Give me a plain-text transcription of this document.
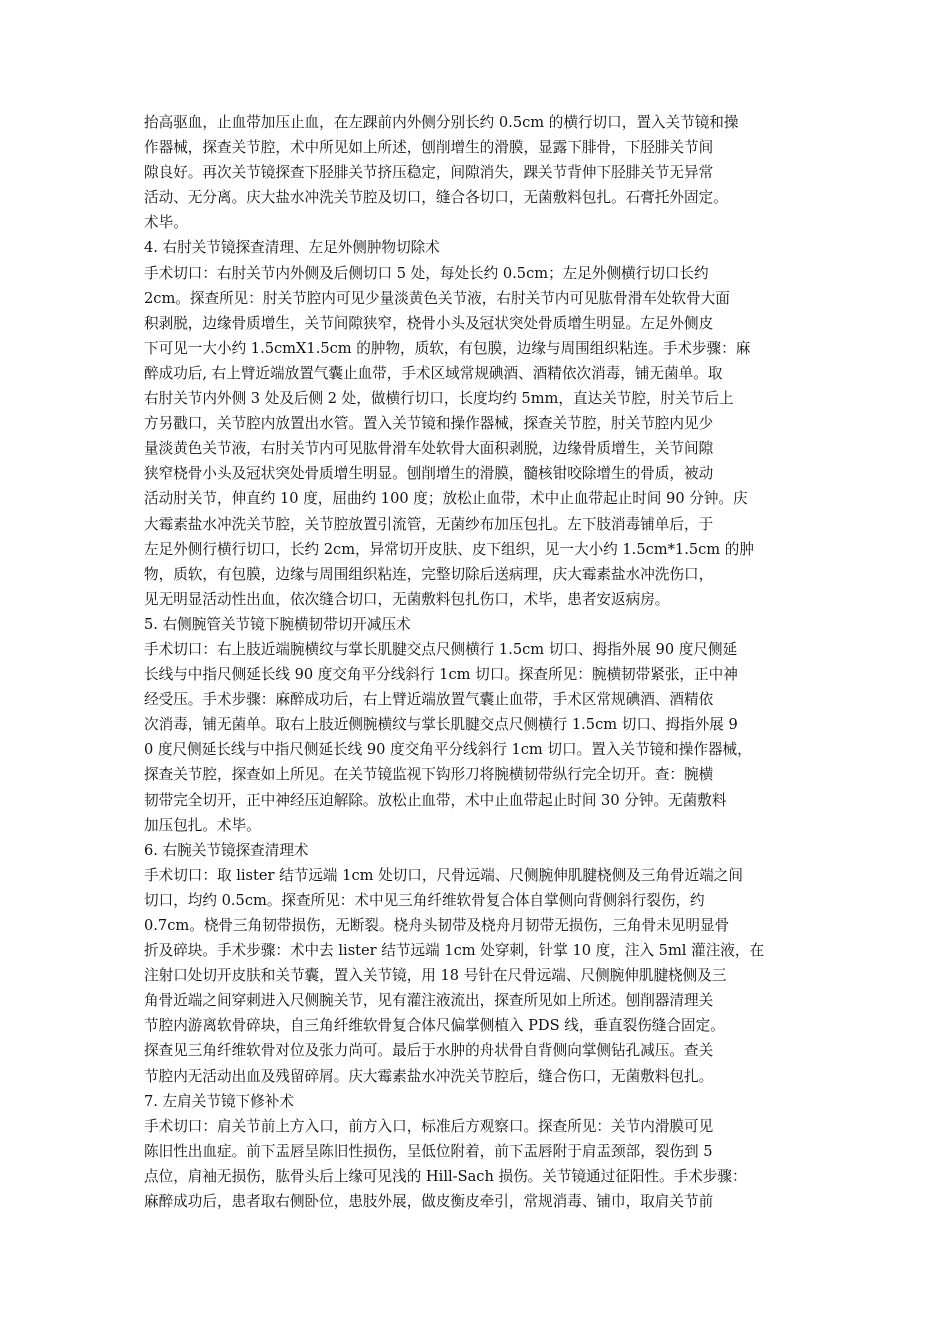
抬高驱血，止血带加压止血，在左踝前内外侧分别长约 0.5cm 的横行切口，置入关节镜和操
作器械，探查关节腔，术中所见如上所述，刨削增生的滑膜，显露下腓骨，下胫腓关节间
隙良好。再次关节镜探查下胫腓关节挤压稳定，间隙消失，踝关节背伸下胫腓关节无异常
活动、无分离。庆大盐水冲洗关节腔及切口，缝合各切口，无菌敷料包扎。石膏托外固定。
术毕。
4. 右肘关节镜探查清理、左足外侧肿物切除术
手术切口：右肘关节内外侧及后侧切口 5 处，每处长约 0.5cm；左足外侧横行切口长约
2cm。探查所见：肘关节腔内可见少量淡黄色关节液，右肘关节内可见肱骨滑车处软骨大面
积剥脱，边缘骨质增生，关节间隙狭窄，桡骨小头及冠状突处骨质增生明显。左足外侧皮
下可见一大小约 1.5cmX1.5cm 的肿物，质软，有包膜，边缘与周围组织粘连。手术步骤：麻
醉成功后, 右上臂近端放置气囊止血带，手术区域常规碘酒、酒精依次消毒，铺无菌单。取
右肘关节内外侧 3 处及后侧 2 处，做横行切口，长度均约 5mm，直达关节腔，肘关节后上
方另戳口，关节腔内放置出水管。置入关节镜和操作器械，探查关节腔，肘关节腔内见少
量淡黄色关节液，右肘关节内可见肱骨滑车处软骨大面积剥脱，边缘骨质增生，关节间隙
狭窄桡骨小头及冠状突处骨质增生明显。刨削增生的滑膜，髓核钳咬除增生的骨质，被动
活动肘关节，伸直约 10 度，屈曲约 100 度；放松止血带，术中止血带起止时间 90 分钟。庆
大霉素盐水冲洗关节腔，关节腔放置引流管，无菌纱布加压包扎。左下肢消毒铺单后，于
左足外侧行横行切口，长约 2cm，异常切开皮肤、皮下组织，见一大小约 1.5cm*1.5cm 的肿
物，质软，有包膜，边缘与周围组织粘连，完整切除后送病理，庆大霉素盐水冲洗伤口，
见无明显活动性出血，依次缝合切口，无菌敷料包扎伤口，术毕，患者安返病房。
5. 右侧腕管关节镜下腕横韧带切开减压术
手术切口：右上肢近端腕横纹与掌长肌腱交点尺侧横行 1.5cm 切口、拇指外展 90 度尺侧延
长线与中指尺侧延长线 90 度交角平分线斜行 1cm 切口。探查所见：腕横韧带紧张，正中神
经受压。手术步骤：麻醉成功后，右上臂近端放置气囊止血带，手术区常规碘酒、酒精依
次消毒，铺无菌单。取右上肢近侧腕横纹与掌长肌腱交点尺侧横行 1.5cm 切口、拇指外展 9
0 度尺侧延长线与中指尺侧延长线 90 度交角平分线斜行 1cm 切口。置入关节镜和操作器械，
探查关节腔，探查如上所见。在关节镜监视下钩形刀将腕横韧带纵行完全切开。查：腕横
韧带完全切开，正中神经压迫解除。放松止血带，术中止血带起止时间 30 分钟。无菌敷料
加压包扎。术毕。
6. 右腕关节镜探查清理术
手术切口：取 lister 结节远端 1cm 处切口，尺骨远端、尺侧腕伸肌腱桡侧及三角骨近端之间
切口，均约 0.5cm。探查所见：术中见三角纤维软骨复合体自掌侧向背侧斜行裂伤，约
0.7cm。桡骨三角韧带损伤，无断裂。桡舟头韧带及桡舟月韧带无损伤，三角骨未见明显骨
折及碎块。手术步骤：术中去 lister 结节远端 1cm 处穿刺，针掌 10 度，注入 5ml 灌注液，在
注射口处切开皮肤和关节囊，置入关节镜，用 18 号针在尺骨远端、尺侧腕伸肌腱桡侧及三
角骨近端之间穿刺进入尺侧腕关节，见有灌注液流出，探查所见如上所述。刨削器清理关
节腔内游离软骨碎块，自三角纤维软骨复合体尺偏掌侧植入 PDS 线，垂直裂伤缝合固定。
探查见三角纤维软骨对位及张力尚可。最后于水肿的舟状骨自背侧向掌侧钻孔减压。查关
节腔内无活动出血及残留碎屑。庆大霉素盐水冲洗关节腔后，缝合伤口，无菌敷料包扎。
7. 左肩关节镜下修补术
手术切口：肩关节前上方入口，前方入口，标准后方观察口。探查所见：关节内滑膜可见
陈旧性出血症。前下盂唇呈陈旧性损伤，呈低位附着，前下盂唇附于肩盂颈部，裂伤到 5
点位，肩袖无损伤，肱骨头后上缘可见浅的 Hill-Sach 损伤。关节镜通过征阳性。手术步骤：
麻醉成功后，患者取右侧卧位，患肢外展，做皮衡皮牵引，常规消毒、铺巾，取肩关节前
